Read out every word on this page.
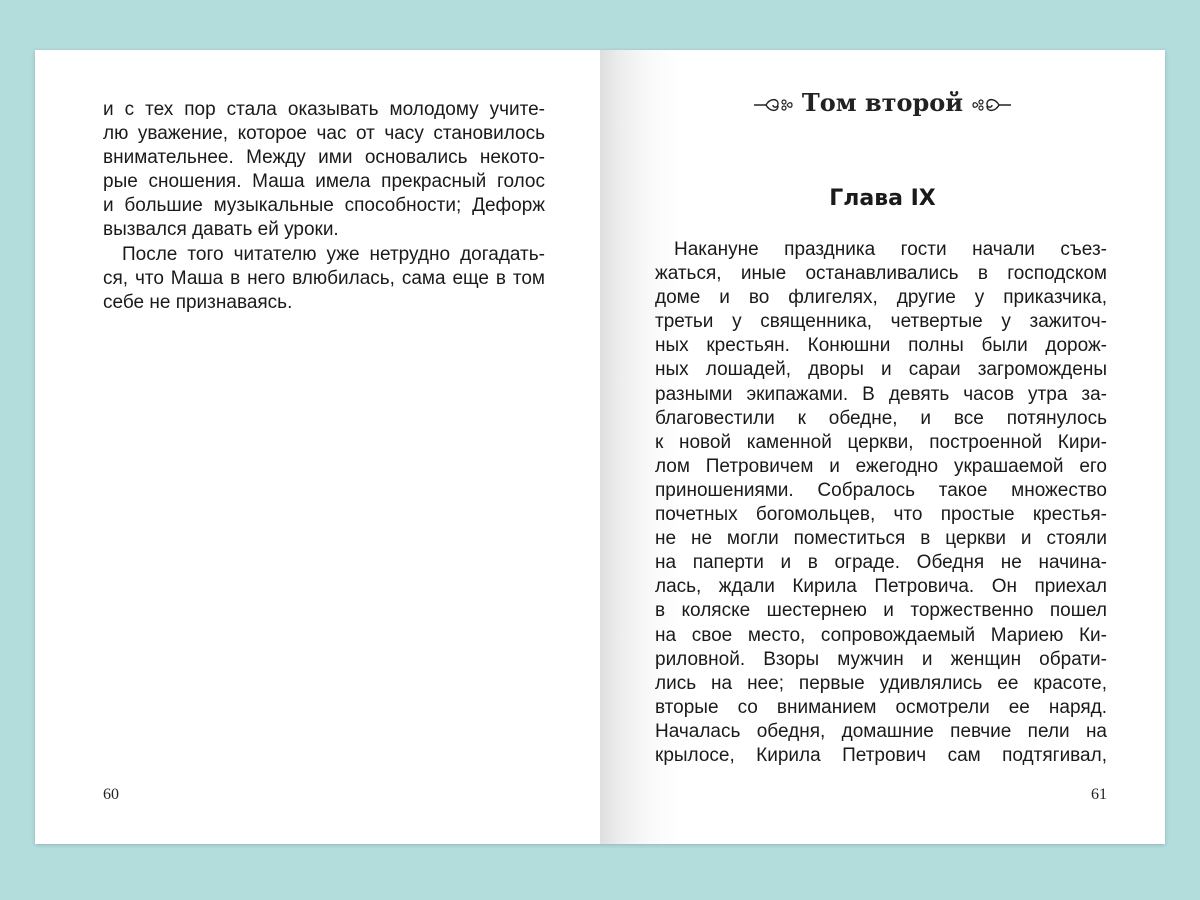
и с тех пор стала оказывать молодому учите-
лю уважение, которое час от часу становилось
внимательнее. Между ими основались некото-
рые сношения. Маша имела прекрасный голос
и большие музыкальные способности; Дефорж
вызвался давать ей уроки.
После того читателю уже нетрудно догадать-
ся, что Маша в него влюбилась, сама еще в том
себе не признаваясь.
60
Том второй
Глава IX
Накануне праздника гости начали съез-
жаться, иные останавливались в господском
доме и во флигелях, другие у приказчика,
третьи у священника, четвертые у зажиточ-
ных крестьян. Конюшни полны были дорож-
ных лошадей, дворы и сараи загромождены
разными экипажами. В девять часов утра за-
благовестили к обедне, и все потянулось
к новой каменной церкви, построенной Кири-
лом Петровичем и ежегодно украшаемой его
приношениями. Собралось такое множество
почетных богомольцев, что простые крестья-
не не могли поместиться в церкви и стояли
на паперти и в ограде. Обедня не начина-
лась, ждали Кирила Петровича. Он приехал
в коляске шестернею и торжественно пошел
на свое место, сопровождаемый Мариею Ки-
риловной. Взоры мужчин и женщин обрати-
лись на нее; первые удивлялись ее красоте,
вторые со вниманием осмотрели ее наряд.
Началась обедня, домашние певчие пели на
крылосе, Кирила Петрович сам подтягивал,
61
